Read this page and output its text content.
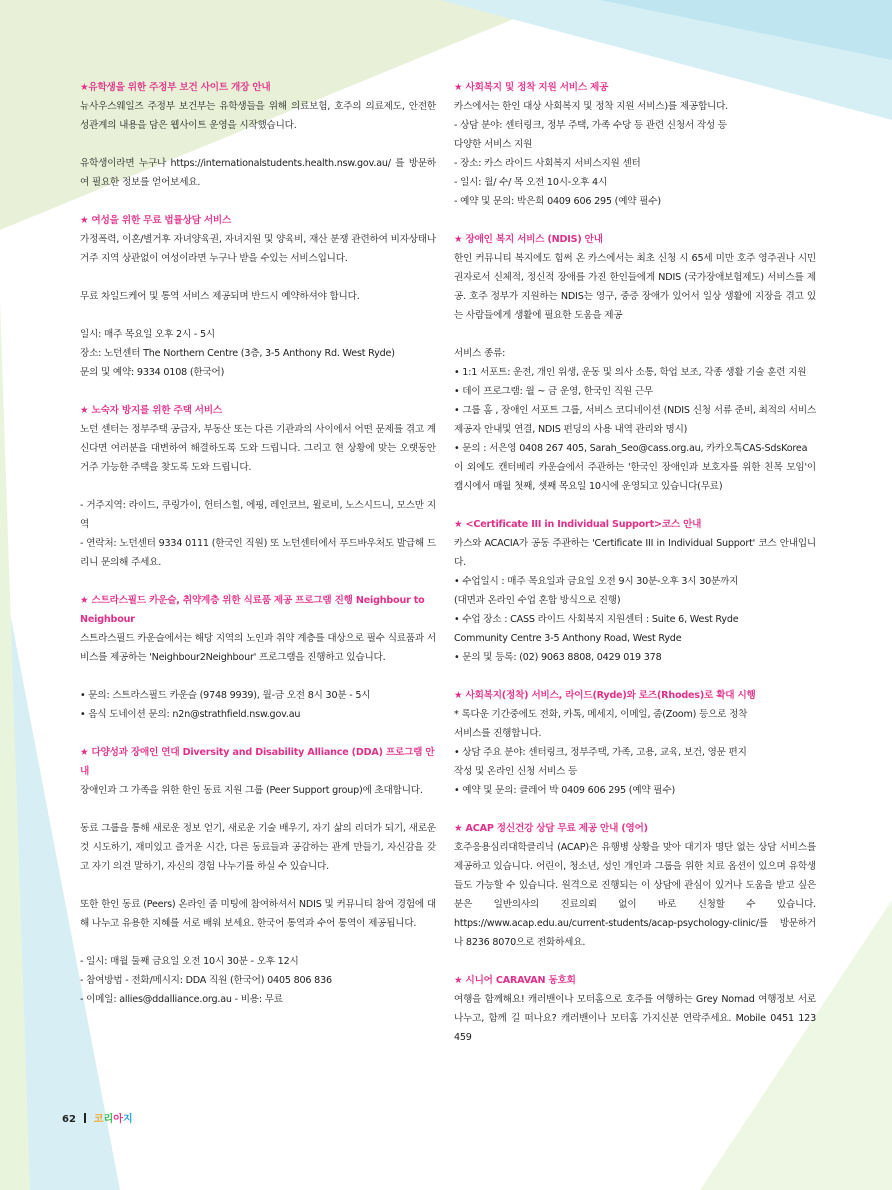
★유학생을 위한 주정부 보건 사이트 개장 안내

뉴사우스웨일즈 주정부 보건부는 유학생들을 위해 의료보험, 호주의 의료제도, 안전한 성관계의 내용을 담은 웹사이트 운영을 시작했습니다.

유학생이라면 누구나 https://internationalstudents.health.nsw.gov.au/ 를 방문하여 필요한 정보를 얻어보세요.

★ 여성을 위한 무료 법률상담 서비스

가정폭력, 이혼/별거후 자녀양육권, 자녀지원 및 양육비, 재산 분쟁 관련하여 비자상태나 거주 지역 상관없이 여성이라면 누구나 받을 수있는 서비스입니다.

무료 차일드케어 및 통역 서비스 제공되며 반드시 예약하셔야 합니다.

일시: 매주 목요일 오후 2시 - 5시

장소: 노던센터 The Northern Centre (3층, 3-5 Anthony Rd. West Ryde)

문의 및 예약: 9334 0108 (한국어)

★ 노숙자 방지를 위한 주택 서비스

노던 센터는 정부주택 공급자, 부동산 또는 다른 기관과의 사이에서 어떤 문제를 겪고 계신다면 여러분을 대변하여 해결하도록 도와 드립니다. 그리고 현 상황에 맞는 오랫동안 거주 가능한 주택을 찾도록 도와 드립니다.

- 거주지역: 라이드, 쿠링가이, 헌터스힐, 에핑, 레인코브, 윌로비, 노스시드니, 모스만 지역

- 연락처: 노던센터 9334 0111 (한국인 직원) 또 노던센터에서 푸드바우처도 발급해 드리니 문의해 주세요.

★ 스트라스필드 카운슬, 취약계층 위한 식료품 제공 프로그램 진행 Neighbour to Neighbour

스트라스필드 카운슬에서는 해당 지역의 노인과 취약 계층를 대상으로 필수 식료품과 서비스를 제공하는 'Neighbour2Neighbour' 프로그램을 진행하고 있습니다.

• 문의: 스트라스필드 카운슬 (9748 9939), 월-금 오전 8시 30분 - 5시

• 음식 도네이션 문의: n2n@strathfield.nsw.gov.au

★ 다양성과 장애인 연대 Diversity and Disability Alliance (DDA) 프로그램 안내

장애인과 그 가족을 위한 한인 동료 지원 그룹 (Peer Support group)에 초대합니다.

동료 그룹을 통해 새로운 정보 얻기, 새로운 기술 배우기, 자기 삶의 리더가 되기, 새로운 것 시도하기, 재미있고 즐거운 시간, 다른 동료들과 공감하는 관계 만들기, 자신감을 갖고 자기 의견 말하기, 자신의 경험 나누기를 하실 수 있습니다.

또한 한인 동료 (Peers) 온라인 줌 미팅에 참여하셔서 NDIS 및 커뮤니티 참여 경험에 대해 나누고 유용한 지혜를 서로 배워 보세요. 한국어 통역과 수어 통역이 제공됩니다.

- 일시: 매월 둘째 금요일 오전 10시 30분 - 오후 12시

- 참여방법 - 전화/메시지: DDA 직원 (한국어) 0405 806 836

- 이메일: allies@ddalliance.org.au - 비용: 무료

★ 사회복지 및 정착 지원 서비스 제공

카스에서는 한인 대상 사회복지 및 정착 지원 서비스)를 제공합니다.

- 상담 분야: 센터링크, 정부 주택, 가족 수당 등 관련 신청서 작성 등

다양한 서비스 지원

- 장소: 카스 라이드 사회복지 서비스지원 센터

- 일시: 월/ 수/ 목 오전 10시-오후 4시

- 예약 및 문의: 박은희 0409 606 295 (예약 필수)

★ 장애인 복지 서비스 (NDIS) 안내

한인 커뮤니티 복지에도 힘써 온 카스에서는 최초 신청 시 65세 미만 호주 영주권나 시민권자로서 신체적, 정신적 장애를 가진 한인들에게 NDIS (국가장애보험제도) 서비스를 제공. 호주 정부가 지원하는 NDIS는 영구, 중증 장애가 있어서 일상 생활에 지장을 겪고 있는 사람들에게 생활에 필요한 도움을 제공

서비스 종류:

• 1:1 서포트: 운전, 개인 위생, 운동 및 의사 소통, 학업 보조, 각종 생활 기술 훈련 지원

• 데이 프로그램: 월 ~ 금 운영, 한국인 직원 근무

• 그룹 홈 , 장애인 서포트 그룹, 서비스 코디네이션 (NDIS 신청 서류 준비, 최적의 서비스 제공자 안내및 연결, NDIS 펀딩의 사용 내역 관리와 명시)

• 문의 : 서은영 0408 267 405, Sarah_Seo@cass.org.au, 카카오톡CAS-SdsKorea

이 외에도 캔터베리 카운슬에서 주관하는 '한국인 장애인과 보호자를 위한 친목 모임'이 캠시에서 매월 첫째, 셋째 목요일 10시에 운영되고 있습니다(무료)

★ <Certificate III in Individual Support>코스 안내

카스와 ACACIA가 공동 주관하는 'Certificate III in Individual Support' 코스 안내입니다.

• 수업일시 : 매주 목요일과 금요일 오전 9시 30분-오후 3시 30분까지

(대면과 온라인 수업 혼합 방식으로 진행)

• 수업 장소 : CASS 라이드 사회복지 지원센터 : Suite 6, West Ryde

Community Centre 3-5 Anthony Road, West Ryde

• 문의 및 등록: (02) 9063 8808, 0429 019 378

★ 사회복지(정착) 서비스, 라이드(Ryde)와 로즈(Rhodes)로 확대 시행

* 록다운 기간중에도 전화, 카톡, 메세지, 이메일, 줌(Zoom) 등으로 정착

서비스를 진행합니다.

• 상담 주요 분야: 센터링크, 정부주택, 가족, 고용, 교육, 보건, 영문 편지

작성 및 온라인 신청 서비스 등

• 예약 및 문의: 클레어 박 0409 606 295 (예약 필수)

★ ACAP 정신건강 상담 무료 제공 안내 (영어)

호주응용심리대학클리닉 (ACAP)은 유행병 상황을 맞아 대기자 명단 없는 상담 서비스를 제공하고 있습니다. 어린이, 청소년, 성인 개인과 그룹을 위한 치료 옵션이 있으며 유학생들도 가능할 수 있습니다. 원격으로 진행되는 이 상담에 관심이 있거나 도움을 받고 싶은 분은 일반의사의 진료의뢰 없이 바로 신청할 수 있습니다. https://www.acap.edu.au/current-students/acap-psychology-clinic/를 방문하거나 8236 8070으로 전화하세요.

★ 시니어 CARAVAN 동호회

여행을 함께해요! 캐러밴이나 모터홈으로 호주를 여행하는 Grey Nomad 여행정보 서로 나누고, 함께 길 떠나요? 캐러밴이나 모터홈 가지신분 연락주세요. Mobile 0451 123 459

62 코리아지
